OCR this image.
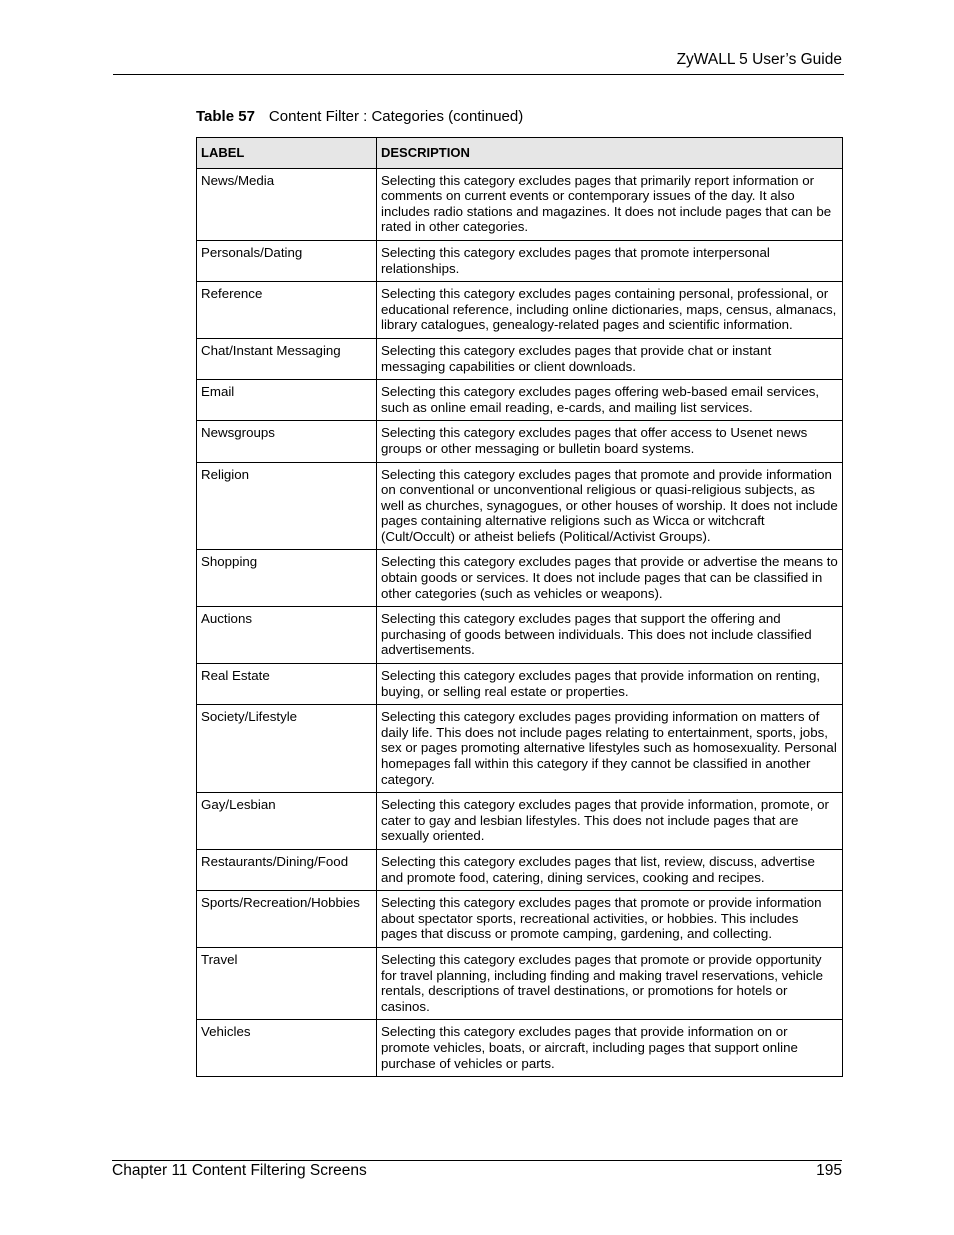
ZyWALL 5 User’s Guide
Table 57 Content Filter : Categories (continued)
LABEL	DESCRIPTION
News/Media	Selecting this category excludes pages that primarily report information or comments on current events or contemporary issues of the day. It also includes radio stations and magazines. It does not include pages that can be rated in other categories.
Personals/Dating	Selecting this category excludes pages that promote interpersonal relationships.
Reference	Selecting this category excludes pages containing personal, professional, or educational reference, including online dictionaries, maps, census, almanacs, library catalogues, genealogy-related pages and scientific information.
Chat/Instant Messaging	Selecting this category excludes pages that provide chat or instant messaging capabilities or client downloads.
Email	Selecting this category excludes pages offering web-based email services, such as online email reading, e-cards, and mailing list services.
Newsgroups	Selecting this category excludes pages that offer access to Usenet news groups or other messaging or bulletin board systems.
Religion	Selecting this category excludes pages that promote and provide information on conventional or unconventional religious or quasi-religious subjects, as well as churches, synagogues, or other houses of worship. It does not include pages containing alternative religions such as Wicca or witchcraft (Cult/Occult) or atheist beliefs (Political/Activist Groups).
Shopping	Selecting this category excludes pages that provide or advertise the means to obtain goods or services. It does not include pages that can be classified in other categories (such as vehicles or weapons).
Auctions	Selecting this category excludes pages that support the offering and purchasing of goods between individuals. This does not include classified advertisements.
Real Estate	Selecting this category excludes pages that provide information on renting, buying, or selling real estate or properties.
Society/Lifestyle	Selecting this category excludes pages providing information on matters of daily life. This does not include pages relating to entertainment, sports, jobs, sex or pages promoting alternative lifestyles such as homosexuality. Personal homepages fall within this category if they cannot be classified in another category.
Gay/Lesbian	Selecting this category excludes pages that provide information, promote, or cater to gay and lesbian lifestyles. This does not include pages that are sexually oriented.
Restaurants/Dining/Food	Selecting this category excludes pages that list, review, discuss, advertise and promote food, catering, dining services, cooking and recipes.
Sports/Recreation/Hobbies	Selecting this category excludes pages that promote or provide information about spectator sports, recreational activities, or hobbies. This includes pages that discuss or promote camping, gardening, and collecting.
Travel	Selecting this category excludes pages that promote or provide opportunity for travel planning, including finding and making travel reservations, vehicle rentals, descriptions of travel destinations, or promotions for hotels or casinos.
Vehicles	Selecting this category excludes pages that provide information on or promote vehicles, boats, or aircraft, including pages that support online purchase of vehicles or parts.
Chapter 11 Content Filtering Screens	195
